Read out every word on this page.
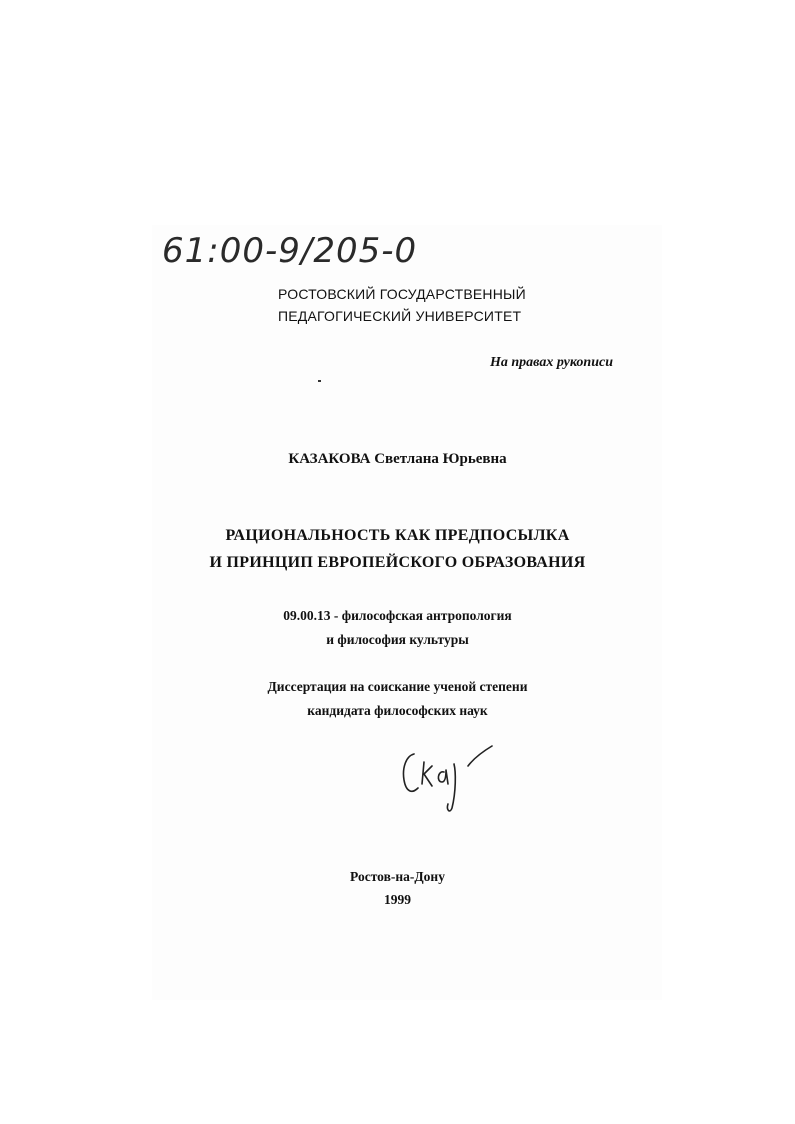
61:00-9/205-0
РОСТОВСКИЙ ГОСУДАРСТВЕННЫЙ
ПЕДАГОГИЧЕСКИЙ УНИВЕРСИТЕТ
На правах рукописи
КАЗАКОВА Светлана Юрьевна
РАЦИОНАЛЬНОСТЬ КАК ПРЕДПОСЫЛКА
И ПРИНЦИП ЕВРОПЕЙСКОГО ОБРАЗОВАНИЯ
09.00.13 - философская антропология
и философия культуры
Диссертация на соискание ученой степени
кандидата философских наук
Ростов-на-Дону
1999
